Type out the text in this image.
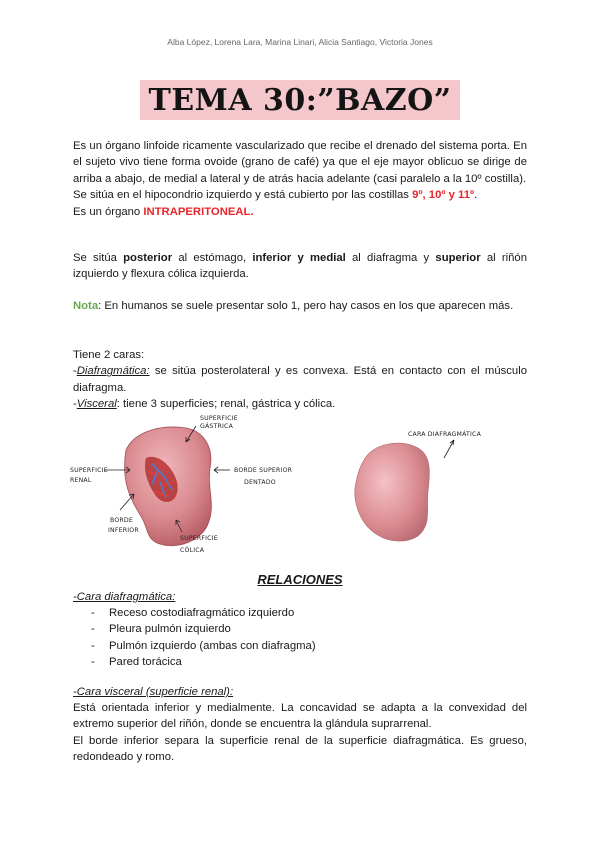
Alba López, Lorena Lara, Marina Linari, Alicia Santiago, Victoria Jones
TEMA 30:”BAZO”
Es un órgano linfoide ricamente vascularizado que recibe el drenado del sistema porta. En el sujeto vivo tiene forma ovoide (grano de café) ya que el eje mayor oblicuo se dirige de arriba a abajo, de medial a lateral y de atrás hacia adelante (casi paralelo a la 10º costilla).
Se sitúa en el hipocondrio izquierdo y está cubierto por las costillas 9º, 10º y 11º.
Es un órgano INTRAPERITONEAL.
Se sitúa posterior al estómago, inferior y medial al diafragma y superior al riñón izquierdo y flexura cólica izquierda.
Nota: En humanos se suele presentar solo 1, pero hay casos en los que aparecen más.
Tiene 2 caras:
-Diafragmática: se sitúa posterolateral y es convexa. Está en contacto con el músculo diafragma.
-Visceral: tiene 3 superficies; renal, gástrica y cólica.
SUPERFICIE
GÁSTRICA
SUPERFICIE
RENAL
BORDE SUPERIOR
DENTADO
BORDE
INFERIOR
SUPERFICIE
CÓLICA
CARA DIAFRAGMÁTICA
RELACIONES
-Cara diafragmática:
- Receso costodiafragmático izquierdo
- Pleura pulmón izquierdo
- Pulmón izquierdo (ambas con diafragma)
- Pared torácica
-Cara visceral (superficie renal):
Está orientada inferior y medialmente. La concavidad se adapta a la convexidad del extremo superior del riñón, donde se encuentra la glándula suprarrenal.
El borde inferior separa la superficie renal de la superficie diafragmática. Es grueso, redondeado y romo.
